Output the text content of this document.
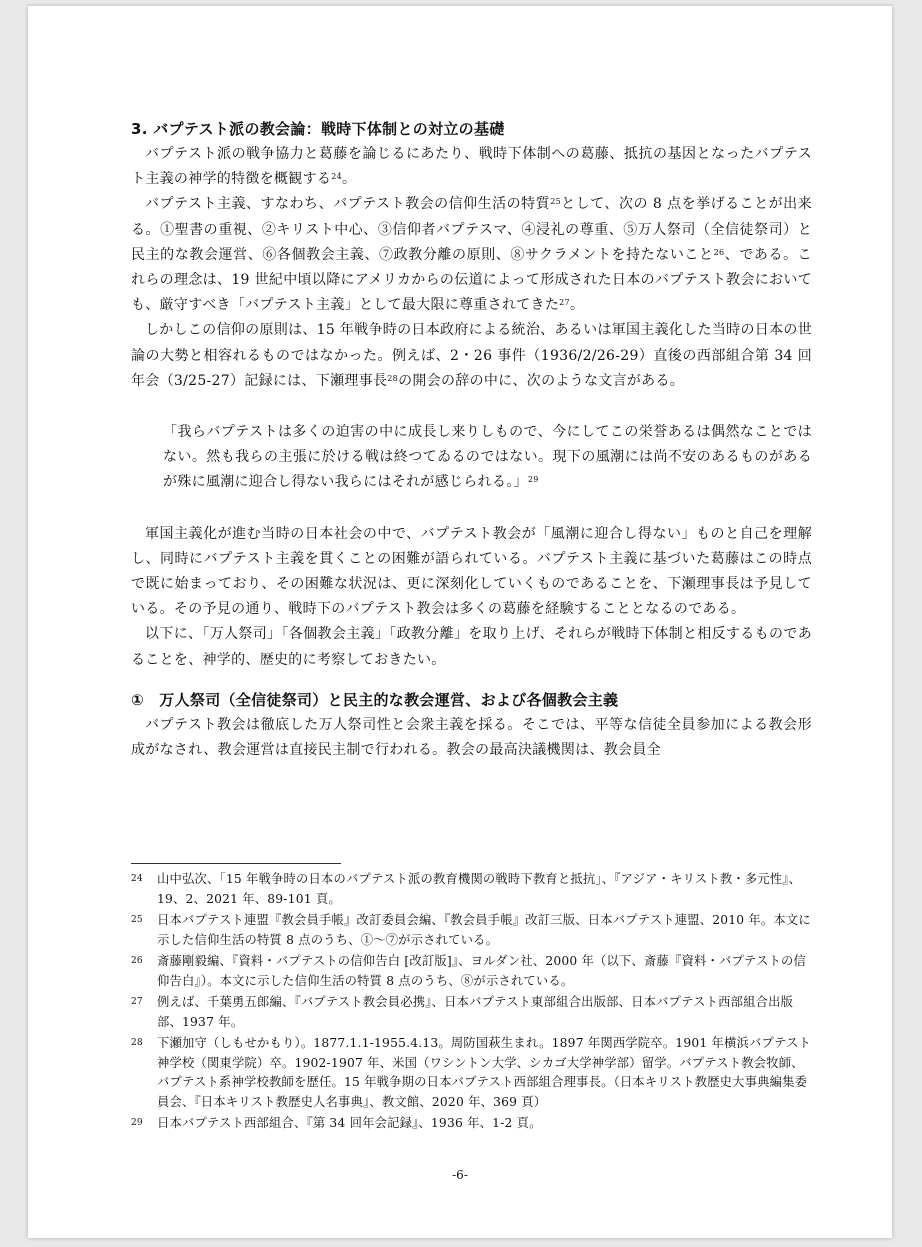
3. バプテスト派の教会論：戦時下体制との対立の基礎

バプテスト派の戦争協力と葛藤を論じるにあたり、戦時下体制への葛藤、抵抗の基因となったバプテスト主義の神学的特徴を概観する$^{24}$。

バプテスト主義、すなわち、バプテスト教会の信仰生活の特質$^{25}$として、次の 8 点を挙げることが出来る。①聖書の重視、②キリスト中心、③信仰者バプテスマ、④浸礼の尊重、⑤万人祭司（全信徒祭司）と民主的な教会運営、⑥各個教会主義、⑦政教分離の原則、⑧サクラメントを持たないこと$^{26}$、である。これらの理念は、19 世紀中頃以降にアメリカからの伝道によって形成された日本のバプテスト教会においても、厳守すべき「バプテスト主義」として最大限に尊重されてきた$^{27}$。

しかしこの信仰の原則は、15 年戦争時の日本政府による統治、あるいは軍国主義化した当時の日本の世論の大勢と相容れるものではなかった。例えば、2・26 事件（1936/2/26-29）直後の西部組合第 34 回年会（3/25-27）記録には、下瀬理事長$^{28}$の開会の辞の中に、次のような文言がある。

「我らバプテストは多くの迫害の中に成長し来りしもので、今にしてこの栄誉あるは偶然なことではない。然も我らの主張に於ける戦は終つてゐるのではない。現下の風潮には尚不安のあるものがあるが殊に風潮に迎合し得ない我らにはそれが感じられる。」$^{29}$

軍国主義化が進む当時の日本社会の中で、バプテスト教会が「風潮に迎合し得ない」ものと自己を理解し、同時にバプテスト主義を貫くことの困難が語られている。バプテスト主義に基づいた葛藤はこの時点で既に始まっており、その困難な状況は、更に深刻化していくものであることを、下瀬理事長は予見している。その予見の通り、戦時下のバプテスト教会は多くの葛藤を経験することとなるのである。

以下に、「万人祭司」「各個教会主義」「政教分離」を取り上げ、それらが戦時下体制と相反するものであることを、神学的、歴史的に考察しておきたい。

①　万人祭司（全信徒祭司）と民主的な教会運営、および各個教会主義

バプテスト教会は徹底した万人祭司性と会衆主義を採る。そこでは、平等な信徒全員参加による教会形成がなされ、教会運営は直接民主制で行われる。教会の最高決議機関は、教会員全

24	山中弘次、「15 年戦争時の日本のバプテスト派の教育機関の戦時下教育と抵抗」、『アジア・キリスト教・多元性』、19、2、2021 年、89-101 頁。
25	日本バプテスト連盟『教会員手帳』改訂委員会編、『教会員手帳』改訂三版、日本バプテスト連盟、2010 年。本文に示した信仰生活の特質 8 点のうち、①〜⑦が示されている。
26	斎藤剛毅編、『資料・バプテストの信仰告白 [改訂版]』、ヨルダン社、2000 年（以下、斎藤『資料・バプテストの信仰告白』）。本文に示した信仰生活の特質 8 点のうち、⑧が示されている。
27	例えば、千葉勇五郎編、『バプテスト教会員必携』、日本バプテスト東部組合出版部、日本バプテスト西部組合出版部、1937 年。
28	下瀬加守（しもせかもり）。1877.1.1-1955.4.13。周防国萩生まれ。1897 年関西学院卒。1901 年横浜バプテスト神学校（関東学院）卒。1902-1907 年、米国（ワシントン大学、シカゴ大学神学部）留学。バプテスト教会牧師、バプテスト系神学校教師を歴任。15 年戦争期の日本バプテスト西部組合理事長。（日本キリスト教歴史大事典編集委員会、『日本キリスト教歴史人名事典』、教文館、2020 年、369 頁）
29	日本バプテスト西部組合、『第 34 回年会記録』、1936 年、1-2 頁。
-6-
